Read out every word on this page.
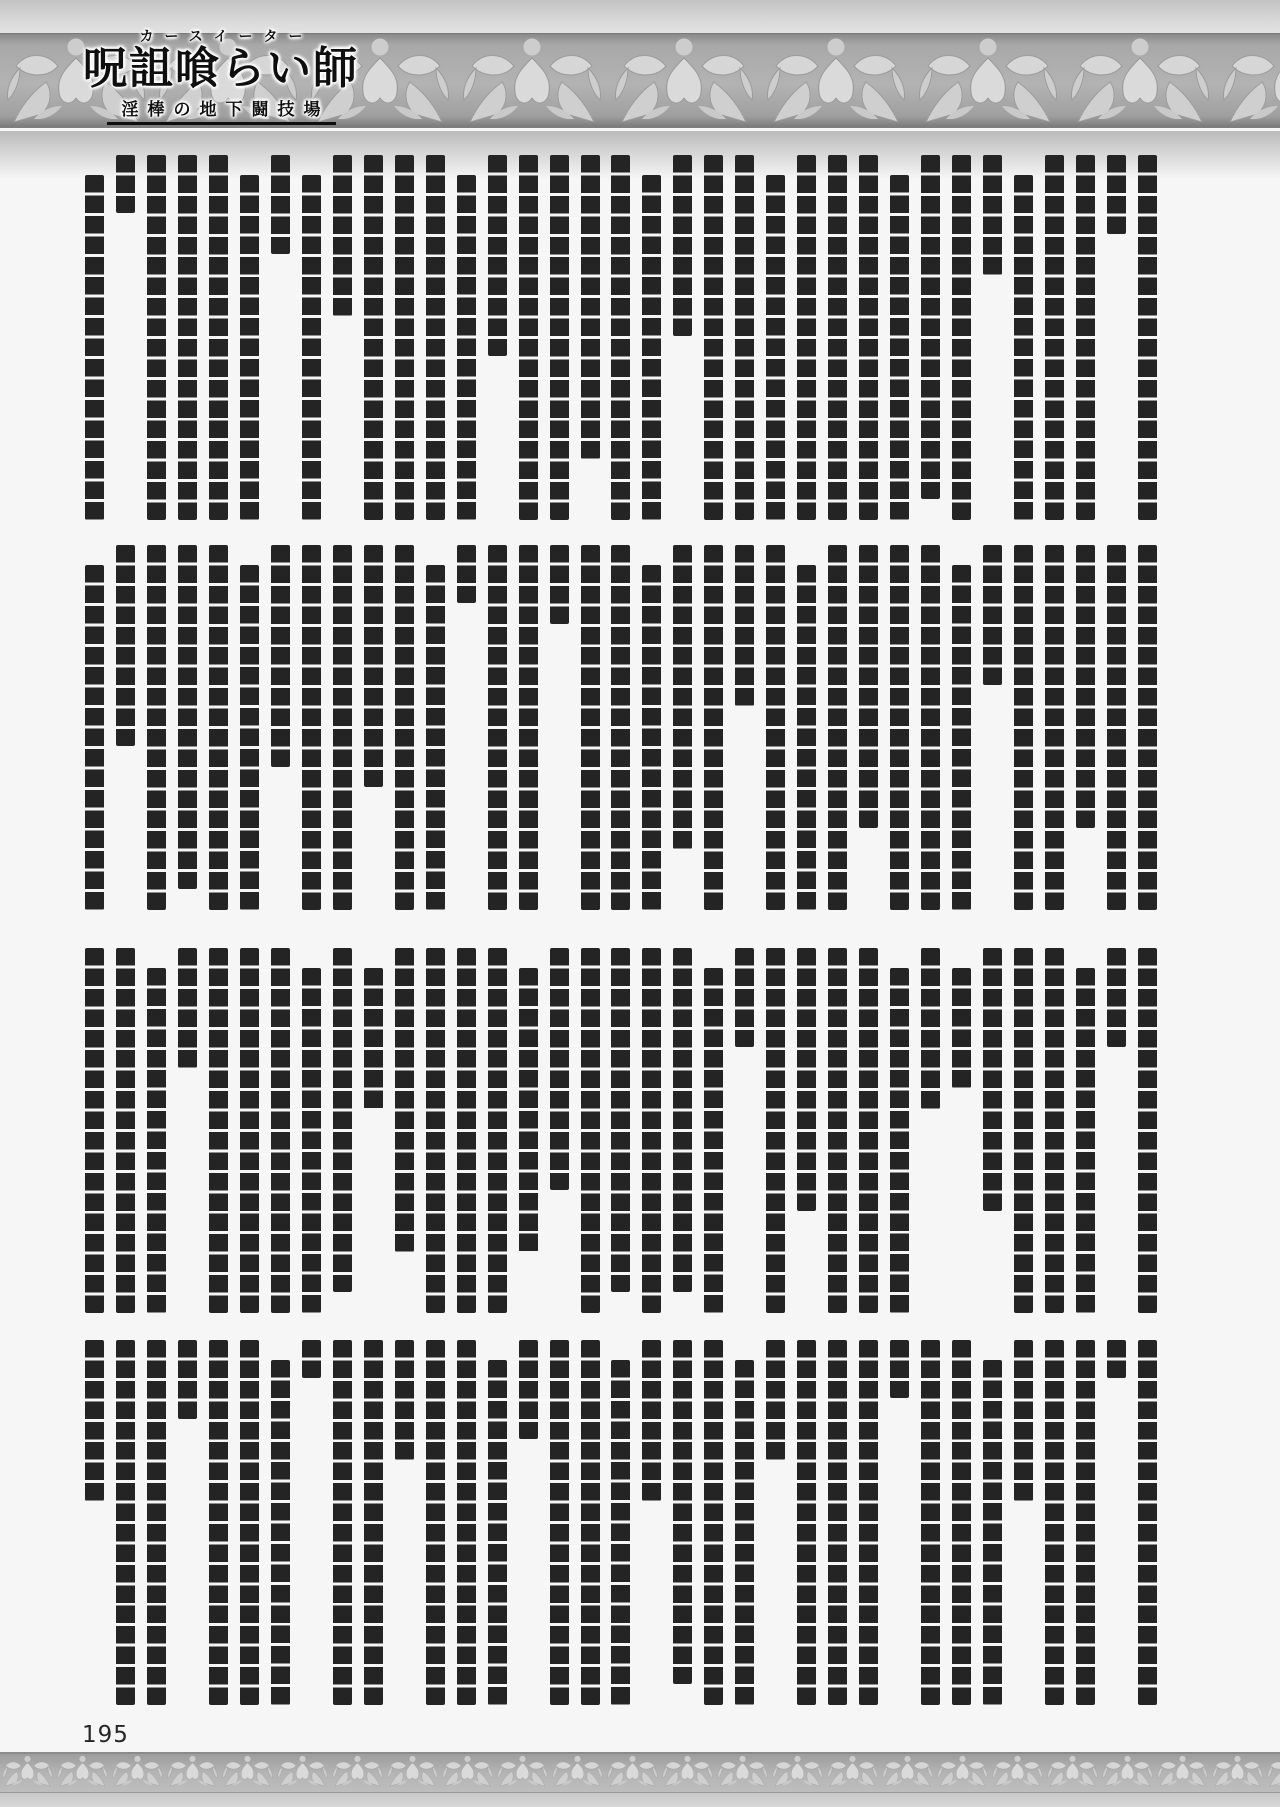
カースイーター
呪詛喰らい師
淫棒の地下闘技場
195
